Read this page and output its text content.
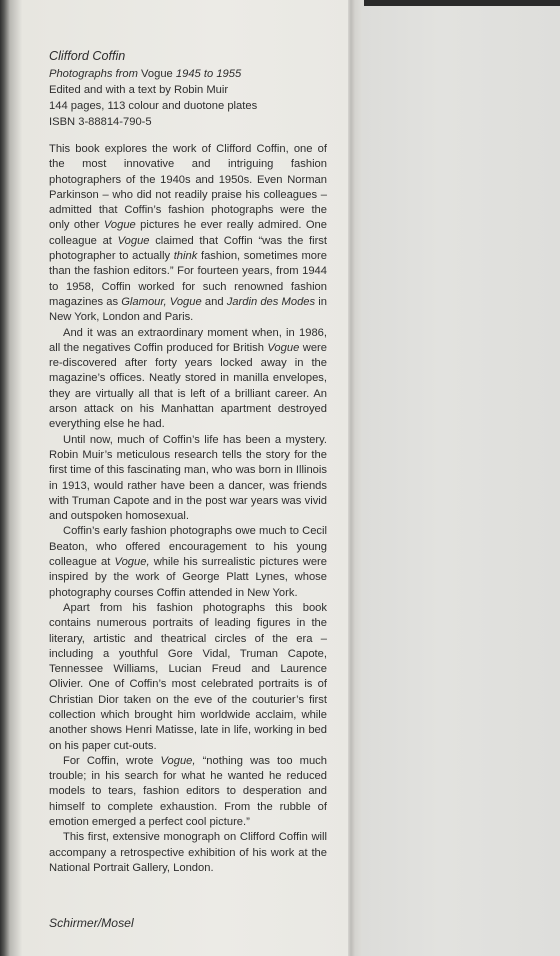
Clifford Coffin
Photographs from Vogue 1945 to 1955
Edited and with a text by Robin Muir
144 pages, 113 colour and duotone plates
ISBN 3-88814-790-5

This book explores the work of Clifford Coffin, one of the most innovative and intriguing fashion photographers of the 1940s and 1950s. Even Norman Parkinson – who did not readily praise his colleagues – admitted that Coffin’s fashion photographs were the only other Vogue pictures he ever really admired. One colleague at Vogue claimed that Coffin “was the first photographer to actually think fashion, sometimes more than the fashion editors.” For fourteen years, from 1944 to 1958, Coffin worked for such renowned fashion magazines as Glamour, Vogue and Jardin des Modes in New York, London and Paris.

And it was an extraordinary moment when, in 1986, all the negatives Coffin produced for British Vogue were re-discovered after forty years locked away in the magazine’s offices. Neatly stored in manilla envelopes, they are virtually all that is left of a brilliant career. An arson attack on his Manhattan apartment destroyed everything else he had.

Until now, much of Coffin’s life has been a mystery. Robin Muir’s meticulous research tells the story for the first time of this fascinating man, who was born in Illinois in 1913, would rather have been a dancer, was friends with Truman Capote and in the post war years was vivid and outspoken homosexual.

Coffin’s early fashion photographs owe much to Cecil Beaton, who offered encouragement to his young colleague at Vogue, while his surrealistic pictures were inspired by the work of George Platt Lynes, whose photography courses Coffin attended in New York.

Apart from his fashion photographs this book contains numerous portraits of leading figures in the literary, artistic and theatrical circles of the era – including a youthful Gore Vidal, Truman Capote, Tennessee Williams, Lucian Freud and Laurence Olivier. One of Coffin’s most celebrated portraits is of Christian Dior taken on the eve of the couturier’s first collection which brought him worldwide acclaim, while another shows Henri Matisse, late in life, working in bed on his paper cut-outs.

For Coffin, wrote Vogue, “nothing was too much trouble; in his search for what he wanted he reduced models to tears, fashion editors to desperation and himself to complete exhaustion. From the rubble of emotion emerged a perfect cool picture.”

This first, extensive monograph on Clifford Coffin will accompany a retrospective exhibition of his work at the National Portrait Gallery, London.

Schirmer/Mosel
